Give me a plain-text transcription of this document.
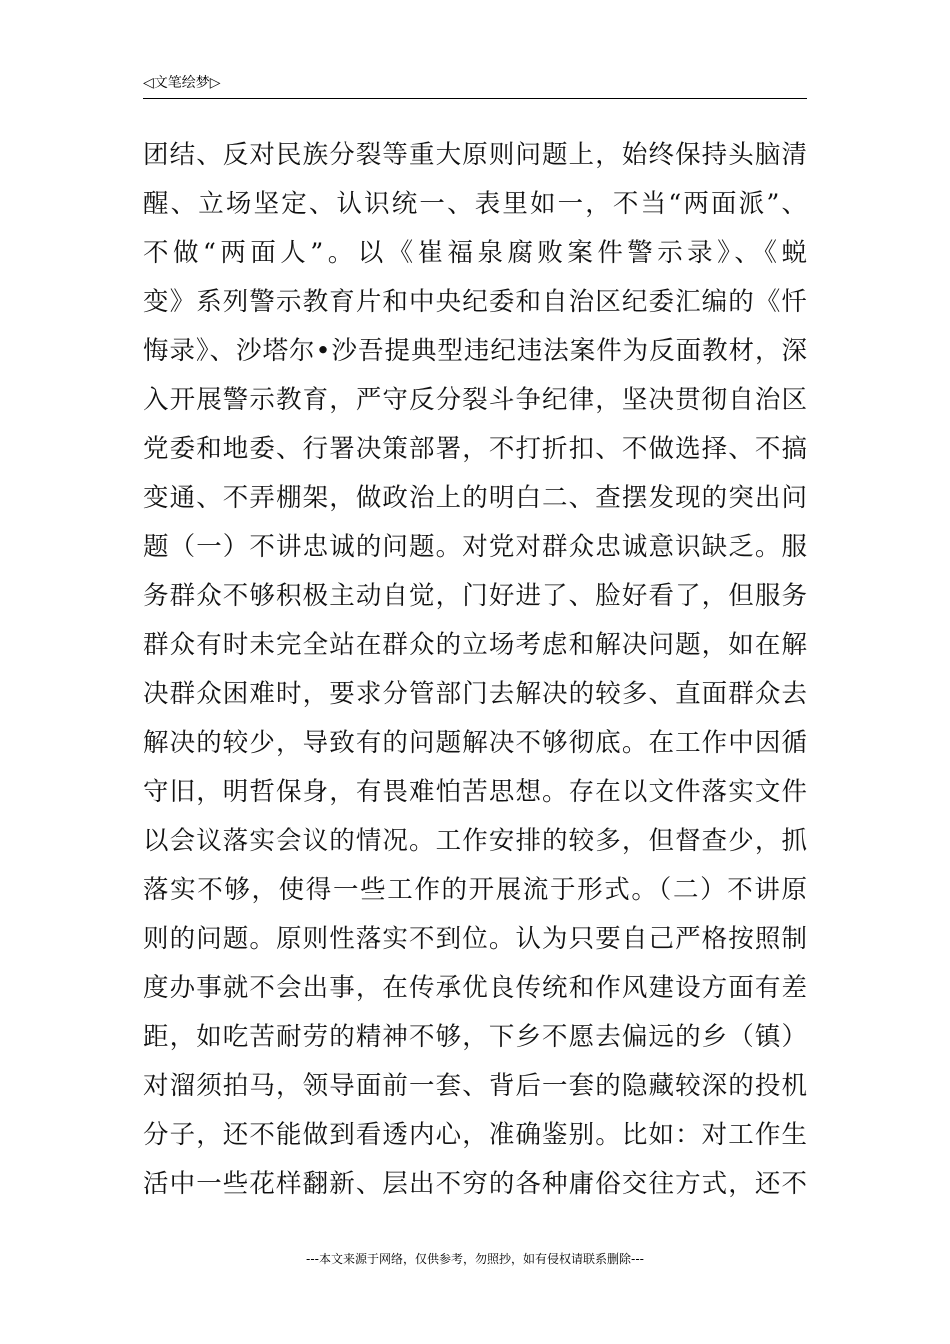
◁文笔绘梦▷
团结、反对民族分裂等重大原则问题上，始终保持头脑清
醒、立场坚定、认识统一、表里如一，不当“两面派”、
不做“两面人”。以《崔福泉腐败案件警示录》、《蜕
变》系列警示教育片和中央纪委和自治区纪委汇编的《忏
悔录》、沙塔尔•沙吾提典型违纪违法案件为反面教材，深
入开展警示教育，严守反分裂斗争纪律，坚决贯彻自治区
党委和地委、行署决策部署，不打折扣、不做选择、不搞
变通、不弄棚架，做政治上的明白二、查摆发现的突出问
题（一）不讲忠诚的问题。对党对群众忠诚意识缺乏。服
务群众不够积极主动自觉，门好进了、脸好看了，但服务
群众有时未完全站在群众的立场考虑和解决问题，如在解
决群众困难时，要求分管部门去解决的较多、直面群众去
解决的较少，导致有的问题解决不够彻底。在工作中因循
守旧，明哲保身，有畏难怕苦思想。存在以文件落实文件
以会议落实会议的情况。工作安排的较多，但督查少，抓
落实不够，使得一些工作的开展流于形式。（二）不讲原
则的问题。原则性落实不到位。认为只要自己严格按照制
度办事就不会出事，在传承优良传统和作风建设方面有差
距，如吃苦耐劳的精神不够，下乡不愿去偏远的乡（镇）
对溜须拍马，领导面前一套、背后一套的隐藏较深的投机
分子，还不能做到看透内心，准确鉴别。比如：对工作生
活中一些花样翻新、层出不穷的各种庸俗交往方式，还不
---本文来源于网络，仅供参考，勿照抄，如有侵权请联系删除---
